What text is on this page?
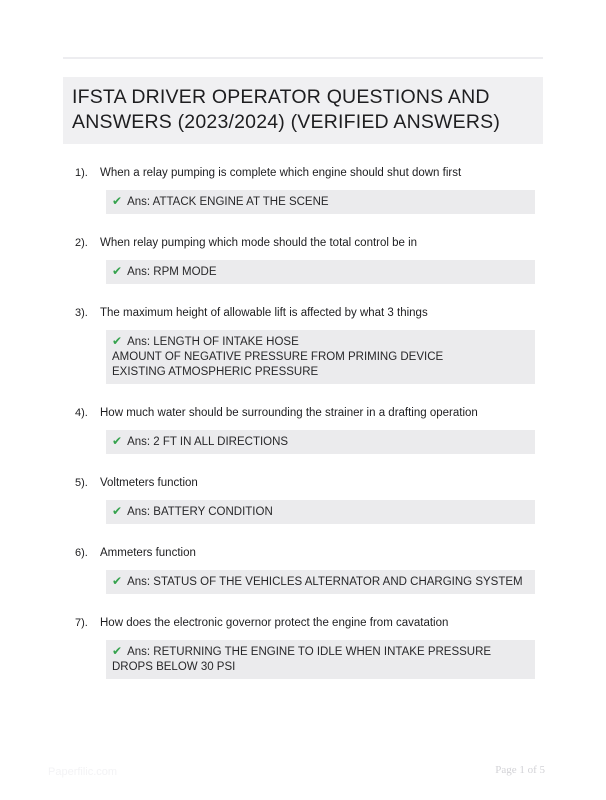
IFSTA DRIVER OPERATOR QUESTIONS AND
ANSWERS (2023/2024) (VERIFIED ANSWERS)
1).	When a relay pumping is complete which engine should shut down first
✔ Ans: ATTACK ENGINE AT THE SCENE
2).	When relay pumping which mode should the total control be in
✔ Ans: RPM MODE
3).	The maximum height of allowable lift is affected by what 3 things
✔ Ans: LENGTH OF INTAKE HOSE
AMOUNT OF NEGATIVE PRESSURE FROM PRIMING DEVICE
EXISTING ATMOSPHERIC PRESSURE
4).	How much water should be surrounding the strainer in a drafting operation
✔ Ans: 2 FT IN ALL DIRECTIONS
5).	Voltmeters function
✔ Ans: BATTERY CONDITION
6).	Ammeters function
✔ Ans: STATUS OF THE VEHICLES ALTERNATOR AND CHARGING SYSTEM
7).	How does the electronic governor protect the engine from cavatation
✔ Ans: RETURNING THE ENGINE TO IDLE WHEN INTAKE PRESSURE DROPS BELOW 30 PSI
Paperfilic.com	Page 1 of 5
